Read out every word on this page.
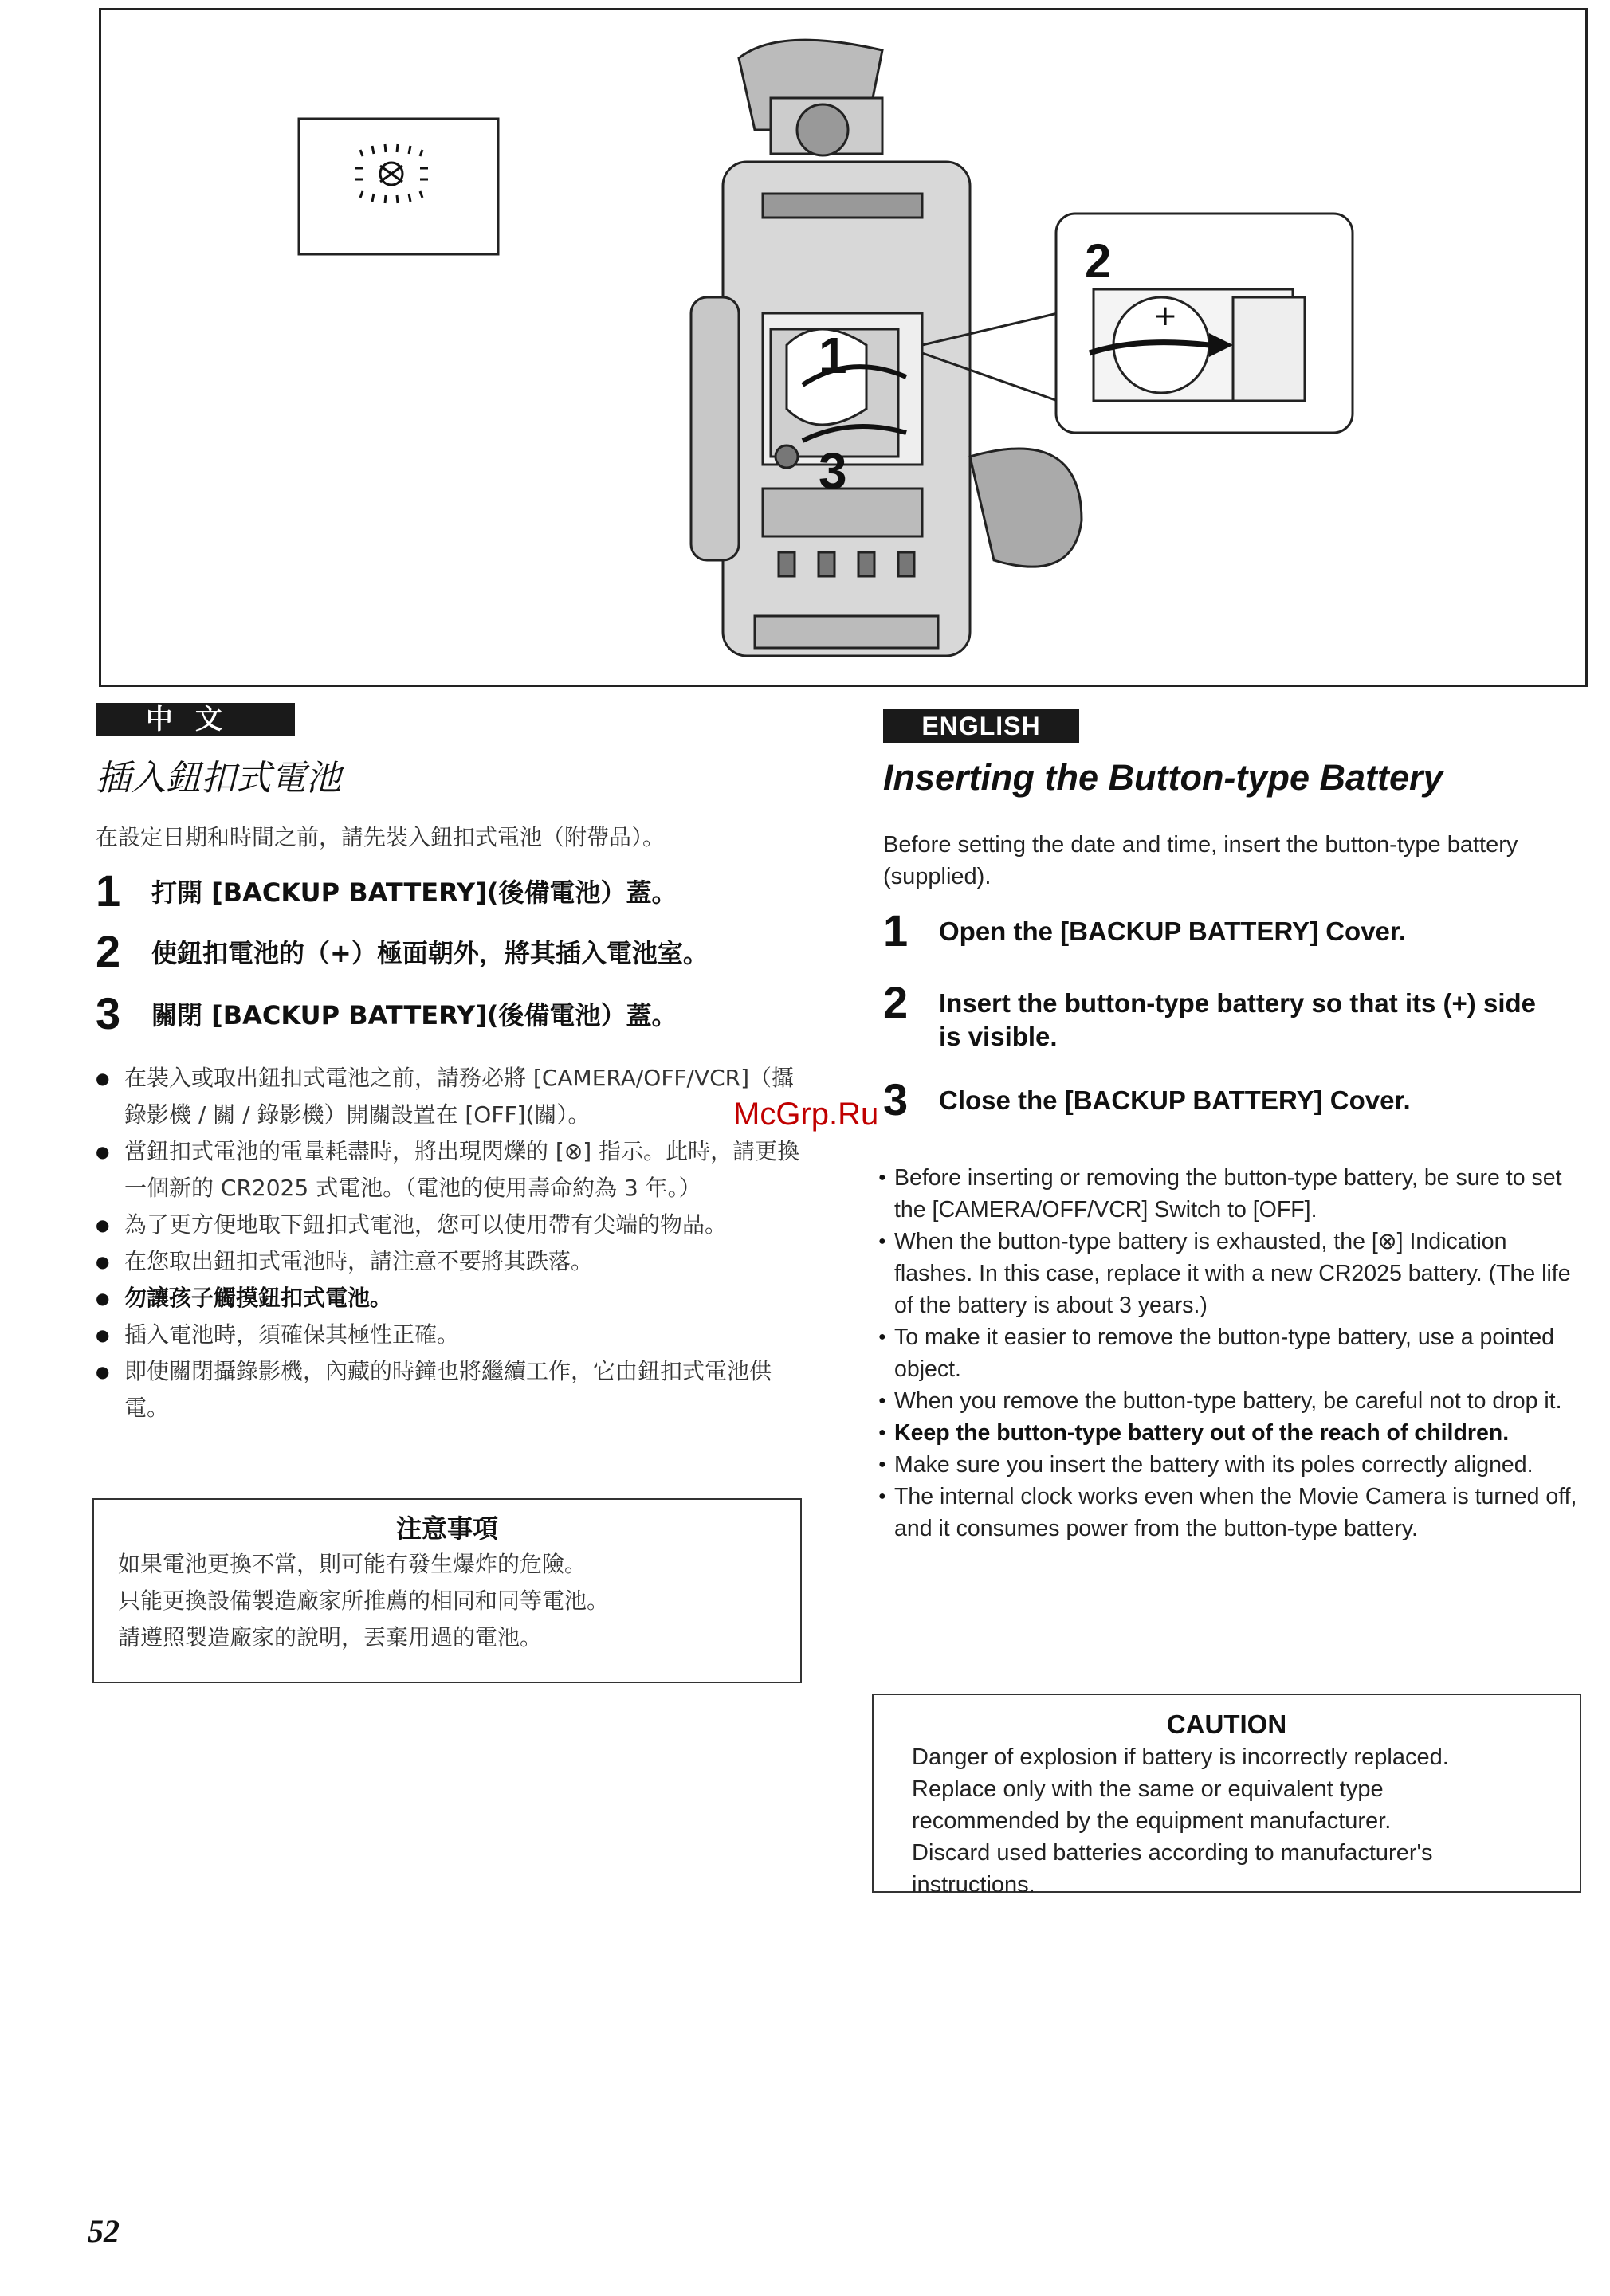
1
3
2
+
中文
插入鈕扣式電池
在設定日期和時間之前，請先裝入鈕扣式電池（附帶品）。
1	打開 [BACKUP BATTERY](後備電池）蓋。
2	使鈕扣電池的（+）極面朝外，將其插入電池室。
3	關閉 [BACKUP BATTERY](後備電池）蓋。
● 在裝入或取出鈕扣式電池之前，請務必將 [CAMERA/OFF/VCR]（攝錄影機 / 關 / 錄影機）開關設置在 [OFF](關）。
● 當鈕扣式電池的電量耗盡時，將出現閃爍的 [⊗] 指示。此時，請更換一個新的 CR2025 式電池。（電池的使用壽命約為 3 年。）
● 為了更方便地取下鈕扣式電池，您可以使用帶有尖端的物品。
● 在您取出鈕扣式電池時，請注意不要將其跌落。
● 勿讓孩子觸摸鈕扣式電池。
● 插入電池時，須確保其極性正確。
● 即使關閉攝錄影機，內藏的時鐘也將繼續工作，它由鈕扣式電池供電。
注意事項
如果電池更換不當，則可能有發生爆炸的危險。
只能更換設備製造廠家所推薦的相同和同等電池。
請遵照製造廠家的說明，丟棄用過的電池。
ENGLISH
Inserting the Button-type Battery
Before setting the date and time, insert the button-type battery (supplied).
1	Open the [BACKUP BATTERY] Cover.
2	Insert the button-type battery so that its (+) side is visible.
3	Close the [BACKUP BATTERY] Cover.
● Before inserting or removing the button-type battery, be sure to set the [CAMERA/OFF/VCR] Switch to [OFF].
● When the button-type battery is exhausted, the [⊗] Indication flashes. In this case, replace it with a new CR2025 battery. (The life of the battery is about 3 years.)
● To make it easier to remove the button-type battery, use a pointed object.
● When you remove the button-type battery, be careful not to drop it.
● Keep the button-type battery out of the reach of children.
● Make sure you insert the battery with its poles correctly aligned.
● The internal clock works even when the Movie Camera is turned off, and it consumes power from the button-type battery.
CAUTION
Danger of explosion if battery is incorrectly replaced.
Replace only with the same or equivalent type
recommended by the equipment manufacturer.
Discard used batteries according to manufacturer's
instructions.
McGrp.Ru
52
